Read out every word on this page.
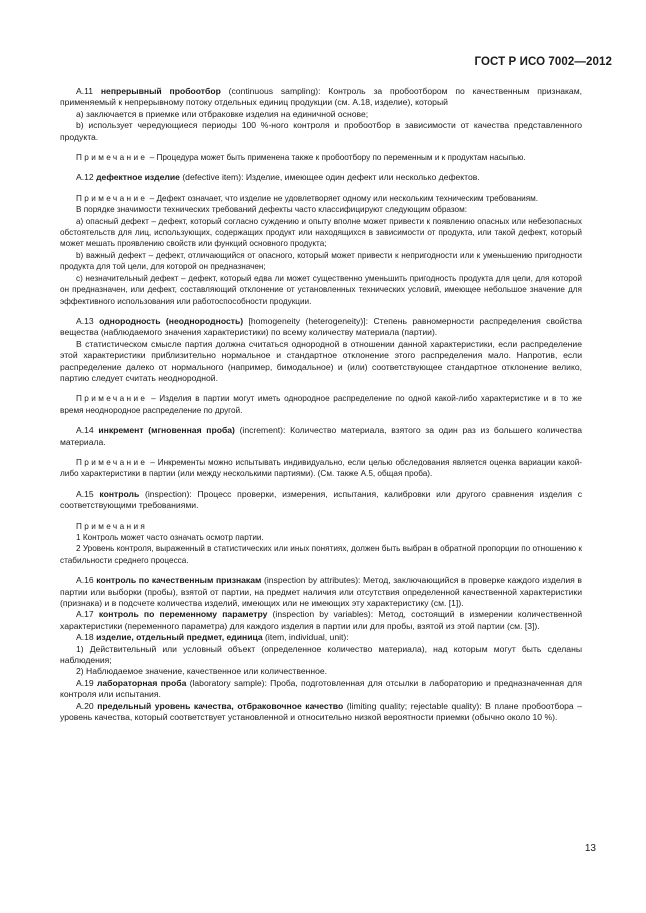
ГОСТ Р ИСО 7002—2012

A.11 непрерывный пробоотбор (continuous sampling): Контроль за пробоотбором по качественным признакам, применяемый к непрерывному потоку отдельных единиц продукции (см. A.18, изделие), который

a) заключается в приемке или отбраковке изделия на единичной основе;

b) использует чередующиеся периоды 100 %-ного контроля и пробоотбор в зависимости от качества представленного продукта.

Примечание – Процедура может быть применена также к пробоотбору по переменным и к продуктам насыпью.

A.12 дефектное изделие (defective item): Изделие, имеющее один дефект или несколько дефектов.

Примечание – Дефект означает, что изделие не удовлетворяет одному или нескольким техническим требованиям.

В порядке значимости технических требований дефекты часто классифицируют следующим образом:

a) опасный дефект – дефект, который согласно суждению и опыту вполне может привести к появлению опасных или небезопасных обстоятельств для лиц, использующих, содержащих продукт или находящихся в зависимости от продукта, или такой дефект, который может мешать проявлению свойств или функций основного продукта;

b) важный дефект – дефект, отличающийся от опасного, который может привести к непригодности или к уменьшению пригодности продукта для той цели, для которой он предназначен;

c) незначительный дефект – дефект, который едва ли может существенно уменьшить пригодность продукта для цели, для которой он предназначен, или дефект, составляющий отклонение от установленных технических условий, имеющее небольшое значение для эффективного использования или работоспособности продукции.

A.13 однородность (неоднородность) [homogeneity (heterogeneity)]: Степень равномерности распределения свойства вещества (наблюдаемого значения характеристики) по всему количеству материала (партии).

В статистическом смысле партия должна считаться однородной в отношении данной характеристики, если распределение этой характеристики приблизительно нормальное и стандартное отклонение этого распределения мало. Напротив, если распределение далеко от нормального (например, бимодальное) и (или) соответствующее стандартное отклонение велико, партию следует считать неоднородной.

Примечание – Изделия в партии могут иметь однородное распределение по одной какой-либо характеристике и в то же время неоднородное распределение по другой.

A.14 инкремент (мгновенная проба) (increment): Количество материала, взятого за один раз из большего количества материала.

Примечание – Инкременты можно испытывать индивидуально, если целью обследования является оценка вариации какой-либо характеристики в партии (или между несколькими партиями). (См. также A.5, общая проба).

A.15 контроль (inspection): Процесс проверки, измерения, испытания, калибровки или другого сравнения изделия с соответствующими требованиями.

Примечания

1 Контроль может часто означать осмотр партии.

2 Уровень контроля, выраженный в статистических или иных понятиях, должен быть выбран в обратной пропорции по отношению к стабильности среднего процесса.

A.16 контроль по качественным признакам (inspection by attributes): Метод, заключающийся в проверке каждого изделия в партии или выборки (пробы), взятой от партии, на предмет наличия или отсутствия определенной качественной характеристики (признака) и в подсчете количества изделий, имеющих или не имеющих эту характеристику (см. [1]).

A.17 контроль по переменному параметру (inspection by variables): Метод, состоящий в измерении количественной характеристики (переменного параметра) для каждого изделия в партии или для пробы, взятой из этой партии (см. [3]).

A.18 изделие, отдельный предмет, единица (item, individual, unit):

1) Действительный или условный объект (определенное количество материала), над которым могут быть сделаны наблюдения;

2) Наблюдаемое значение, качественное или количественное.

A.19 лабораторная проба (laboratory sample): Проба, подготовленная для отсылки в лабораторию и предназначенная для контроля или испытания.

A.20 предельный уровень качества, отбраковочное качество (limiting quality; rejectable quality): В плане пробоотбора – уровень качества, который соответствует установленной и относительно низкой вероятности приемки (обычно около 10 %).

13
